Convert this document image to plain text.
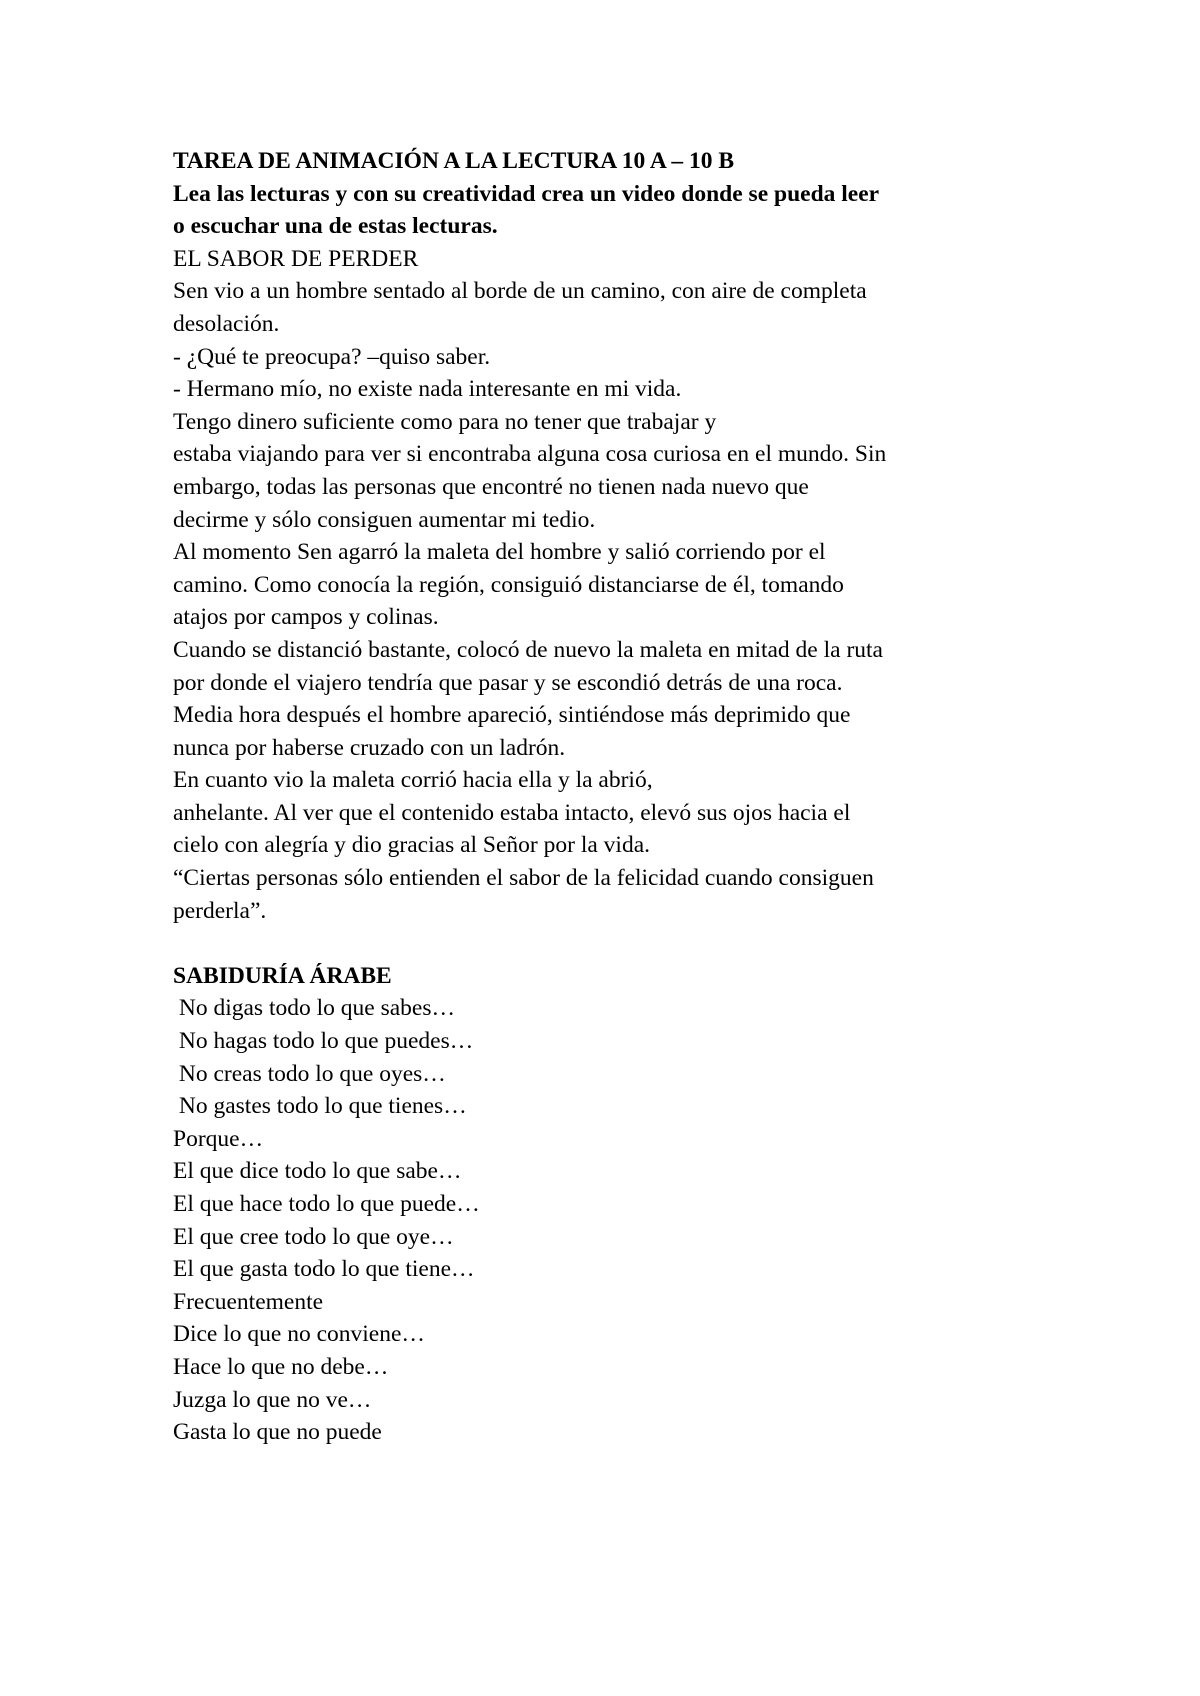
TAREA DE ANIMACIÓN A LA LECTURA 10 A – 10 B
Lea las lecturas y con su creatividad crea un video donde se pueda leer
o escuchar una de estas lecturas.
EL SABOR DE PERDER
Sen vio a un hombre sentado al borde de un camino, con aire de completa
desolación.
- ¿Qué te preocupa? –quiso saber.
- Hermano mío, no existe nada interesante en mi vida.
Tengo dinero suficiente como para no tener que trabajar y
estaba viajando para ver si encontraba alguna cosa curiosa en el mundo. Sin
embargo, todas las personas que encontré no tienen nada nuevo que
decirme y sólo consiguen aumentar mi tedio.
Al momento Sen agarró la maleta del hombre y salió corriendo por el
camino. Como conocía la región, consiguió distanciarse de él, tomando
atajos por campos y colinas.
Cuando se distanció bastante, colocó de nuevo la maleta en mitad de la ruta
por donde el viajero tendría que pasar y se escondió detrás de una roca.
Media hora después el hombre apareció, sintiéndose más deprimido que
nunca por haberse cruzado con un ladrón.
En cuanto vio la maleta corrió hacia ella y la abrió,
anhelante. Al ver que el contenido estaba intacto, elevó sus ojos hacia el
cielo con alegría y dio gracias al Señor por la vida.
“Ciertas personas sólo entienden el sabor de la felicidad cuando consiguen
perderla”.
SABIDURÍA ÁRABE
No digas todo lo que sabes…
No hagas todo lo que puedes…
No creas todo lo que oyes…
No gastes todo lo que tienes…
Porque…
El que dice todo lo que sabe…
El que hace todo lo que puede…
El que cree todo lo que oye…
El que gasta todo lo que tiene…
Frecuentemente
Dice lo que no conviene…
Hace lo que no debe…
Juzga lo que no ve…
Gasta lo que no puede
